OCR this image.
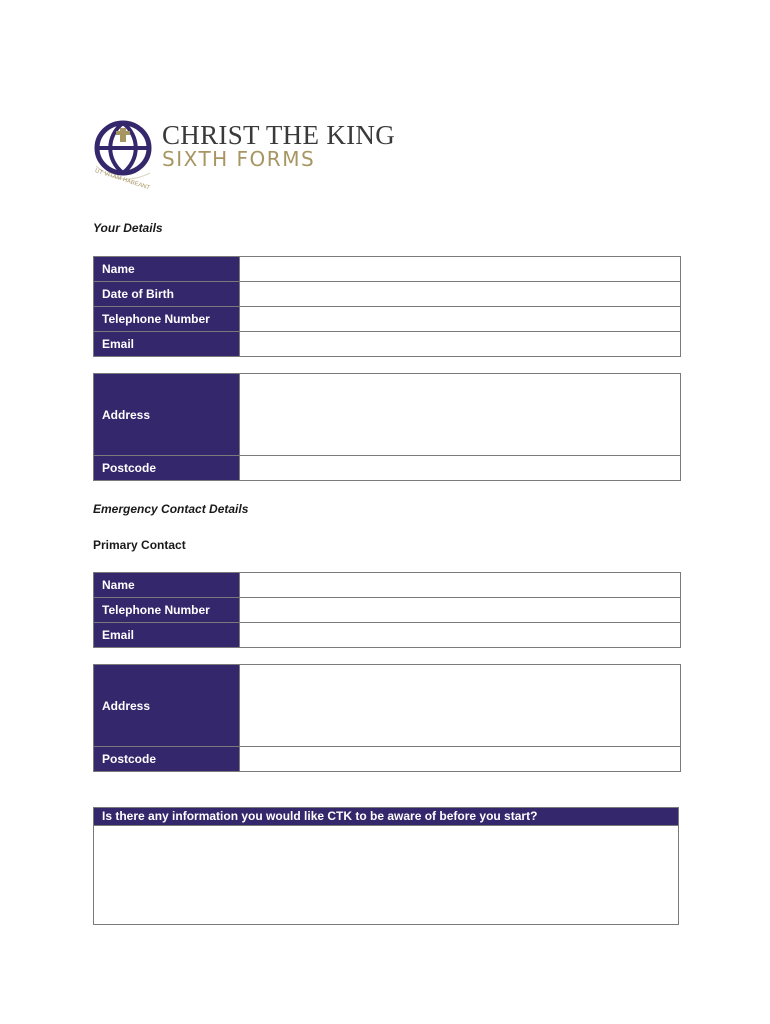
UT VITAM HABEANT
CHRIST THE KING
SIXTH FORMS
Your Details
Name	
Date of Birth	
Telephone Number	
Email	
Address	
Postcode	
Emergency Contact Details
Primary Contact
Name	
Telephone Number	
Email	
Address	
Postcode	
Is there any information you would like CTK to be aware of before you start?
